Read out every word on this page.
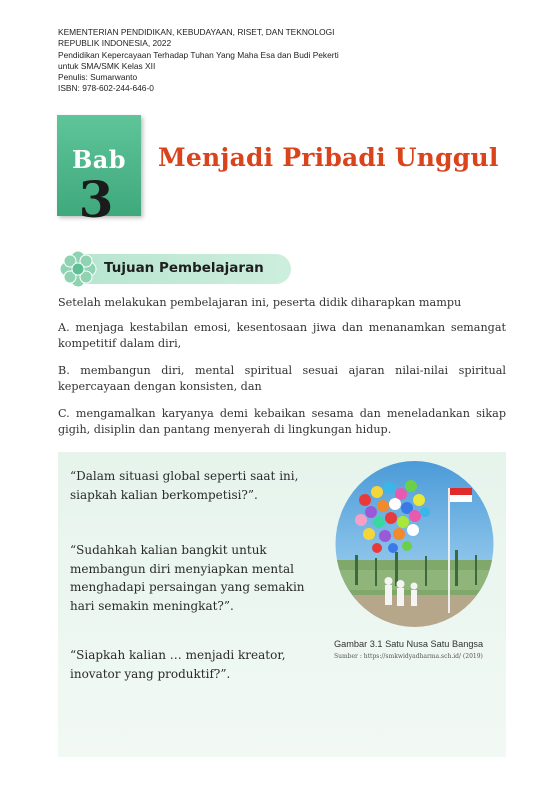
KEMENTERIAN PENDIDIKAN, KEBUDAYAAN, RISET, DAN TEKNOLOGI
REPUBLIK INDONESIA, 2022
Pendidikan Kepercayaan Terhadap Tuhan Yang Maha Esa dan Budi Pekerti
untuk SMA/SMK Kelas XII
Penulis: Sumarwanto
ISBN: 978-602-244-646-0
Bab
3
Menjadi Pribadi Unggul
Tujuan Pembelajaran
Setelah melakukan pembelajaran ini, peserta didik diharapkan mampu
A. menjaga kestabilan emosi, kesentosaan jiwa dan menanamkan semangat kompetitif dalam diri,
B. membangun diri, mental spiritual sesuai ajaran nilai-nilai spiritual kepercayaan dengan konsisten, dan
C. mengamalkan karyanya demi kebaikan sesama dan meneladankan sikap gigih, disiplin dan pantang menyerah di lingkungan hidup.
“Dalam situasi global seperti saat ini,
siapkah kalian berkompetisi?”.
“Sudahkah kalian bangkit untuk
membangun diri menyiapkan mental
menghadapi persaingan yang semakin
hari semakin meningkat?”.
“Siapkah kalian … menjadi kreator,
inovator yang produktif?”.
Gambar 3.1 Satu Nusa Satu Bangsa
Sumber : https://smkwidyadharma.sch.id/ (2019)
